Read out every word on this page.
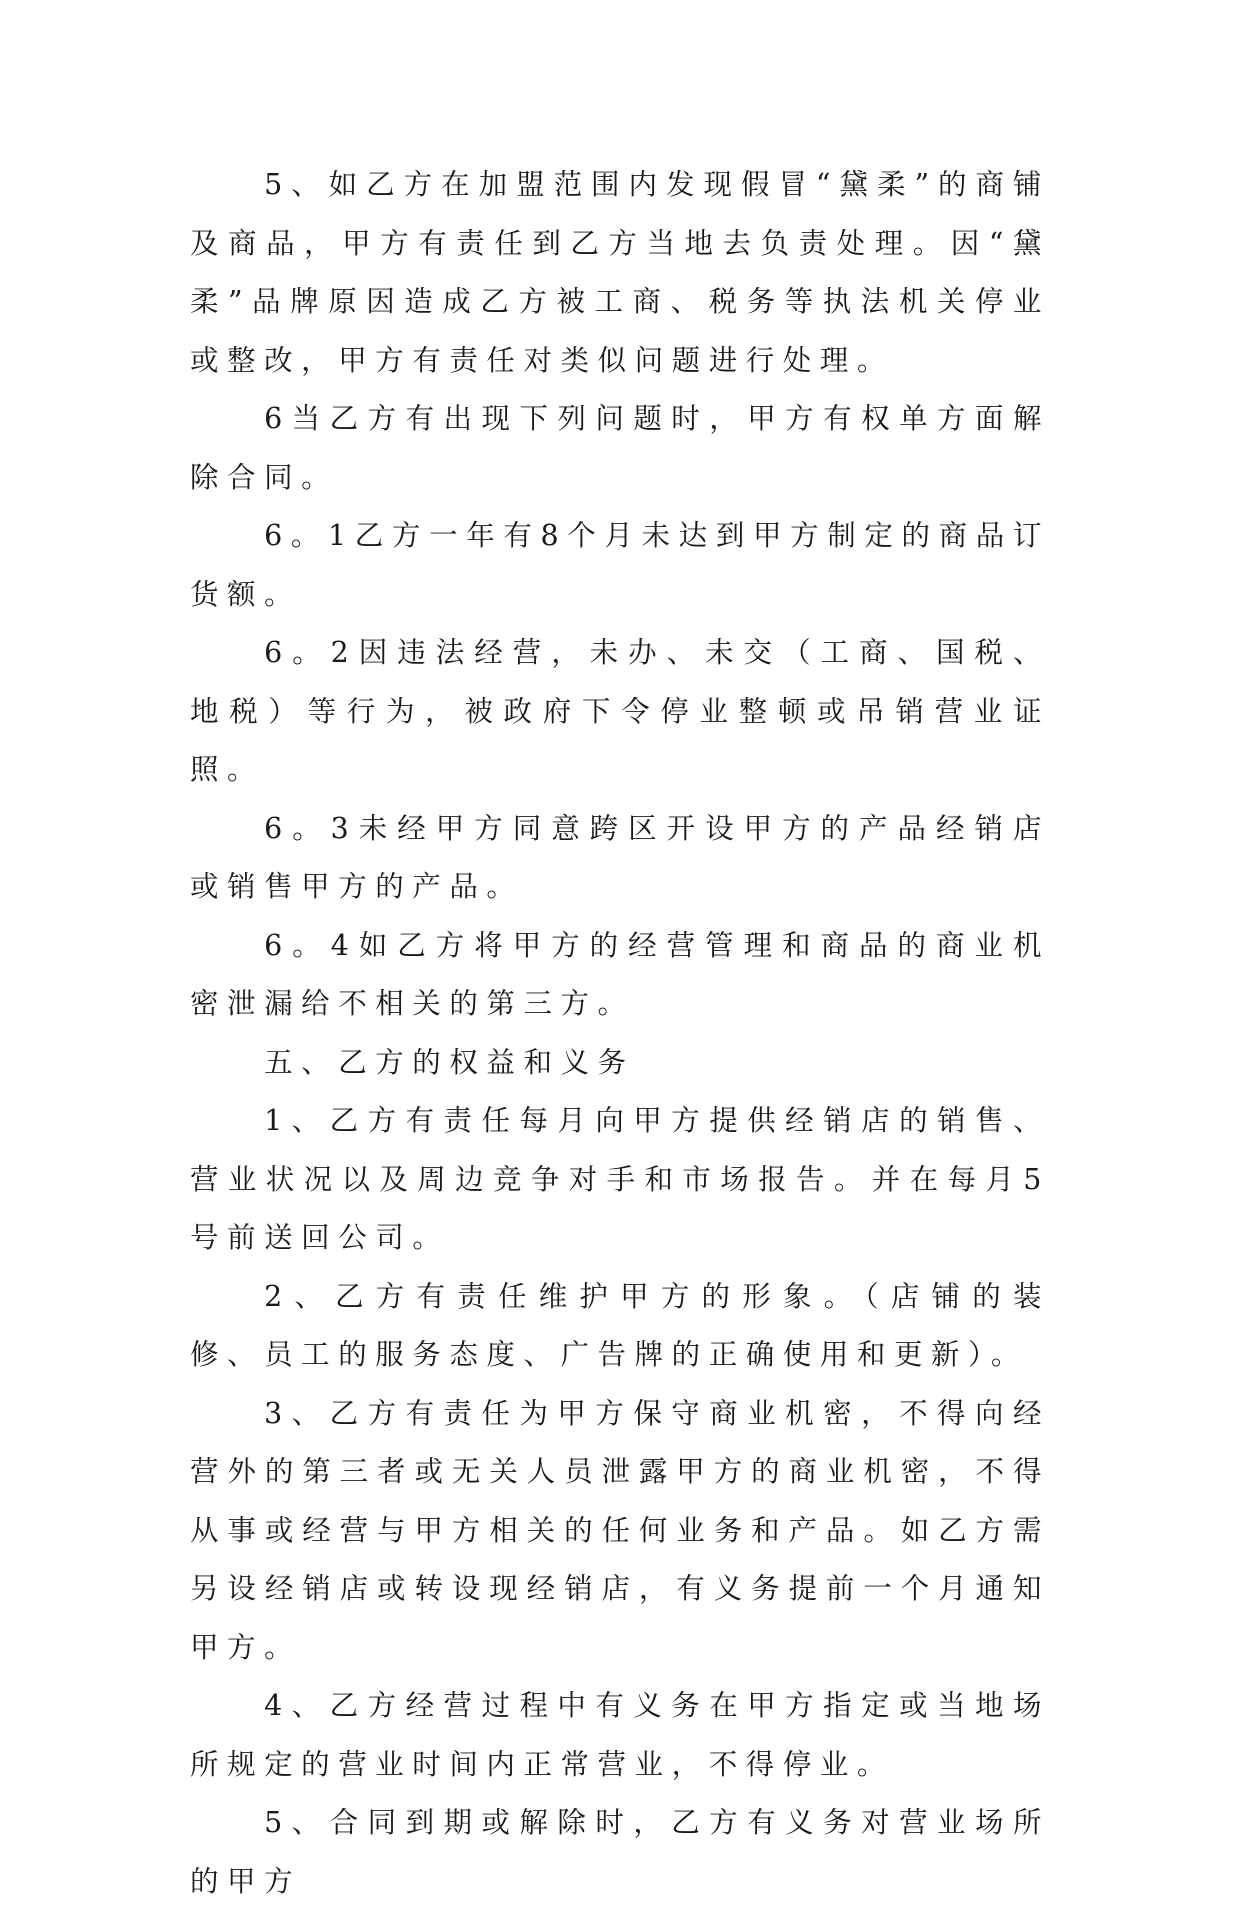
5、如乙方在加盟范围内发现假冒“黛柔”的商铺及商品，甲方有责任到乙方当地去负责处理。因“黛柔”品牌原因造成乙方被工商、税务等执法机关停业或整改，甲方有责任对类似问题进行处理。

6当乙方有出现下列问题时，甲方有权单方面解除合同。

6。1乙方一年有8个月未达到甲方制定的商品订货额。

6。2因违法经营，未办、未交（工商、国税、地税）等行为，被政府下令停业整顿或吊销营业证照。

6。3未经甲方同意跨区开设甲方的产品经销店或销售甲方的产品。

6。4如乙方将甲方的经营管理和商品的商业机密泄漏给不相关的第三方。

五、乙方的权益和义务

1、乙方有责任每月向甲方提供经销店的销售、营业状况以及周边竞争对手和市场报告。并在每月5号前送回公司。

2、乙方有责任维护甲方的形象。（店铺的装修、员工的服务态度、广告牌的正确使用和更新）。

3、乙方有责任为甲方保守商业机密，不得向经营外的第三者或无关人员泄露甲方的商业机密，不得从事或经营与甲方相关的任何业务和产品。如乙方需另设经销店或转设现经销店，有义务提前一个月通知甲方。

4、乙方经营过程中有义务在甲方指定或当地场所规定的营业时间内正常营业，不得停业。

5、合同到期或解除时，乙方有义务对营业场所的甲方
